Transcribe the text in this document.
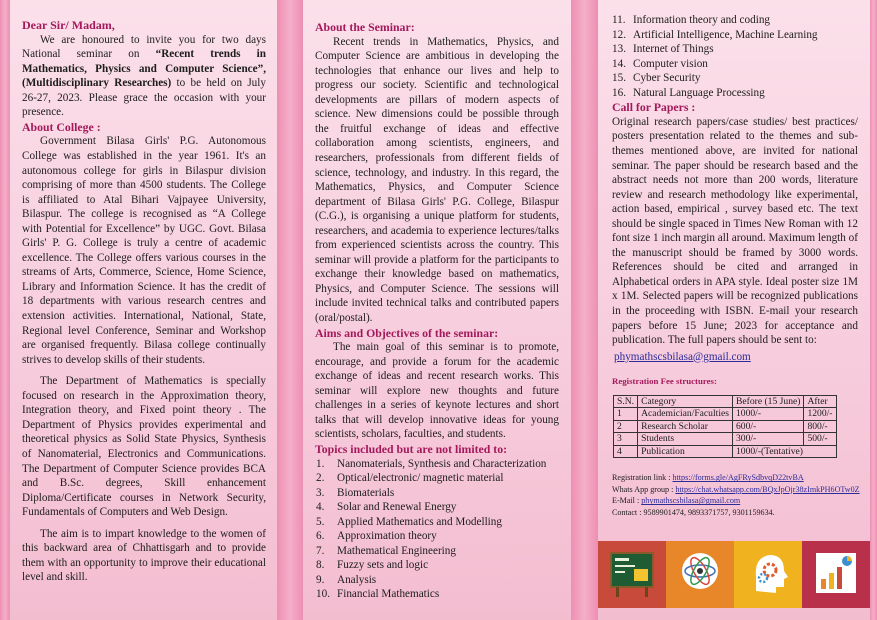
Dear Sir/ Madam,

We are honoured to invite you for two days National seminar on “Recent trends in Mathematics, Physics and Computer Science”, (Multidisciplinary Researches) to be held on July 26-27, 2023. Please grace the occasion with your presence.

About College :

Government Bilasa Girls' P.G. Autonomous College was established in the year 1961. It's an autonomous college for girls in Bilaspur division comprising of more than 4500 students. The College is affiliated to Atal Bihari Vajpayee University, Bilaspur. The college is recognised as “A College with Potential for Excellence” by UGC. Govt. Bilasa Girls' P. G. College is truly a centre of academic excellence. The College offers various courses in the streams of Arts, Commerce, Science, Home Science, Library and Information Science. It has the credit of 18 departments with various research centres and extension activities. International, National, State, Regional level Conference, Seminar and Workshop are organised frequently. Bilasa college continually strives to develop skills of their students.

The Department of Mathematics is specially focused on research in the Approximation theory, Integration theory, and Fixed point theory . The Department of Physics provides experimental and theoretical physics as Solid State Physics, Synthesis of Nanomaterial, Electronics and Communications. The Department of Computer Science provides BCA and B.Sc. degrees, Skill enhancement Diploma/Certificate courses in Network Security, Fundamentals of Computers and Web Design.

The aim is to impart knowledge to the women of this backward area of Chhattisgarh and to provide them with an opportunity to improve their educational level and skill.

About the Seminar:

Recent trends in Mathematics, Physics, and Computer Science are ambitious in developing the technologies that enhance our lives and help to progress our society. Scientific and technological developments are pillars of modern aspects of science. New dimensions could be possible through the fruitful exchange of ideas and effective collaboration among scientists, engineers, and researchers, professionals from different fields of science, technology, and industry. In this regard, the Mathematics, Physics, and Computer Science department of Bilasa Girls' P.G. College, Bilaspur (C.G.), is organising a unique platform for students, researchers, and academia to experience lectures/talks from experienced scientists across the country. This seminar will provide a platform for the participants to exchange their knowledge based on mathematics, Physics, and Computer Science. The sessions will include invited technical talks and contributed papers (oral/postal).

Aims and Objectives of the seminar:

The main goal of this seminar is to promote, encourage, and provide a forum for the academic exchange of ideas and recent research works. This seminar will explore new thoughts and future challenges in a series of keynote lectures and short talks that will develop innovative ideas for young scientists, scholars, faculties, and students.

Topics included but are not limited to:

1.	Nanomaterials, Synthesis and Characterization
2.	Optical/electronic/ magnetic material
3.	Biomaterials
4.	Solar and Renewal Energy
5.	Applied Mathematics and Modelling
6.	Approximation theory
7.	Mathematical Engineering
8.	Fuzzy sets and logic
9.	Analysis
10. Financial Mathematics
11. Information theory and coding
12. Artificial Intelligence, Machine Learning
13. Internet of Things
14. Computer vision
15. Cyber Security
16. Natural Language Processing

Call for Papers :

Original research papers/case studies/ best practices/ posters presentation related to the themes and sub-themes mentioned above, are invited for national seminar. The paper should be research based and the abstract needs not more than 200 words, literature review and research methodology like experimental, action based, empirical , survey based etc. The text should be single spaced in Times New Roman with 12 font size 1 inch margin all around. Maximum length of the manuscript should be framed by 3000 words. References should be cited and arranged in Alphabetical orders in APA style. Ideal poster size 1M x 1M. Selected papers will be recognized publications in the proceeding with ISBN. E-mail your research papers before 15 June; 2023 for acceptance and publication. The full papers should be sent to:

phymathscsbilasa@gmail.com

Registration Fee structures:

S.N.	Category	Before (15 June)	After
1	Academician/Faculties	1000/-	1200/-
2	Research Scholar	600/-	800/-
3	Students	300/-	500/-
4	Publication	1000/-(Tentative)	
Registration link : https://forms.gle/AgFRySdbvqD22tvBA
Whats App group : https://chat.whatsapp.com/BQxJpOjr38zImkPH6OTw0Z
E-Mail : phymathscsbilasa@gmail.com
Contact : 9589901474, 9893371757, 9301159634.
